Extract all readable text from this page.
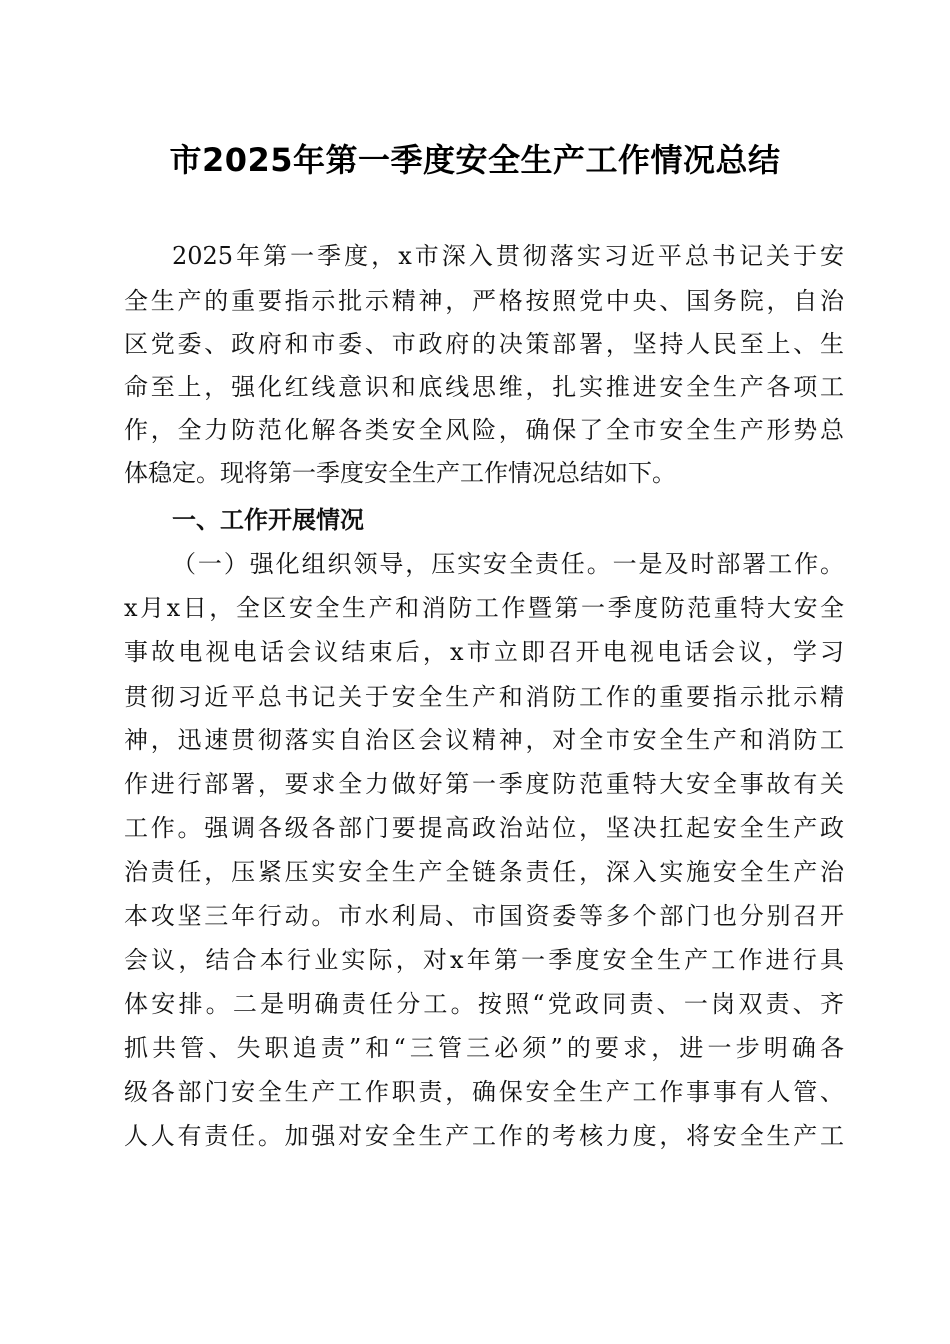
市2025年第一季度安全生产工作情况总结
2025年第一季度，x市深入贯彻落实习近平总书记关于安
全生产的重要指示批示精神，严格按照党中央、国务院，自治
区党委、政府和市委、市政府的决策部署，坚持人民至上、生
命至上，强化红线意识和底线思维，扎实推进安全生产各项工
作，全力防范化解各类安全风险，确保了全市安全生产形势总
体稳定。现将第一季度安全生产工作情况总结如下。
一、工作开展情况
（一）强化组织领导，压实安全责任。一是及时部署工作。
x月x日，全区安全生产和消防工作暨第一季度防范重特大安全
事故电视电话会议结束后，x市立即召开电视电话会议，学习
贯彻习近平总书记关于安全生产和消防工作的重要指示批示精
神，迅速贯彻落实自治区会议精神，对全市安全生产和消防工
作进行部署，要求全力做好第一季度防范重特大安全事故有关
工作。强调各级各部门要提高政治站位，坚决扛起安全生产政
治责任，压紧压实安全生产全链条责任，深入实施安全生产治
本攻坚三年行动。市水利局、市国资委等多个部门也分别召开
会议，结合本行业实际，对x年第一季度安全生产工作进行具
体安排。二是明确责任分工。按照“党政同责、一岗双责、齐
抓共管、失职追责”和“三管三必须”的要求，进一步明确各
级各部门安全生产工作职责，确保安全生产工作事事有人管、
人人有责任。加强对安全生产工作的考核力度，将安全生产工
